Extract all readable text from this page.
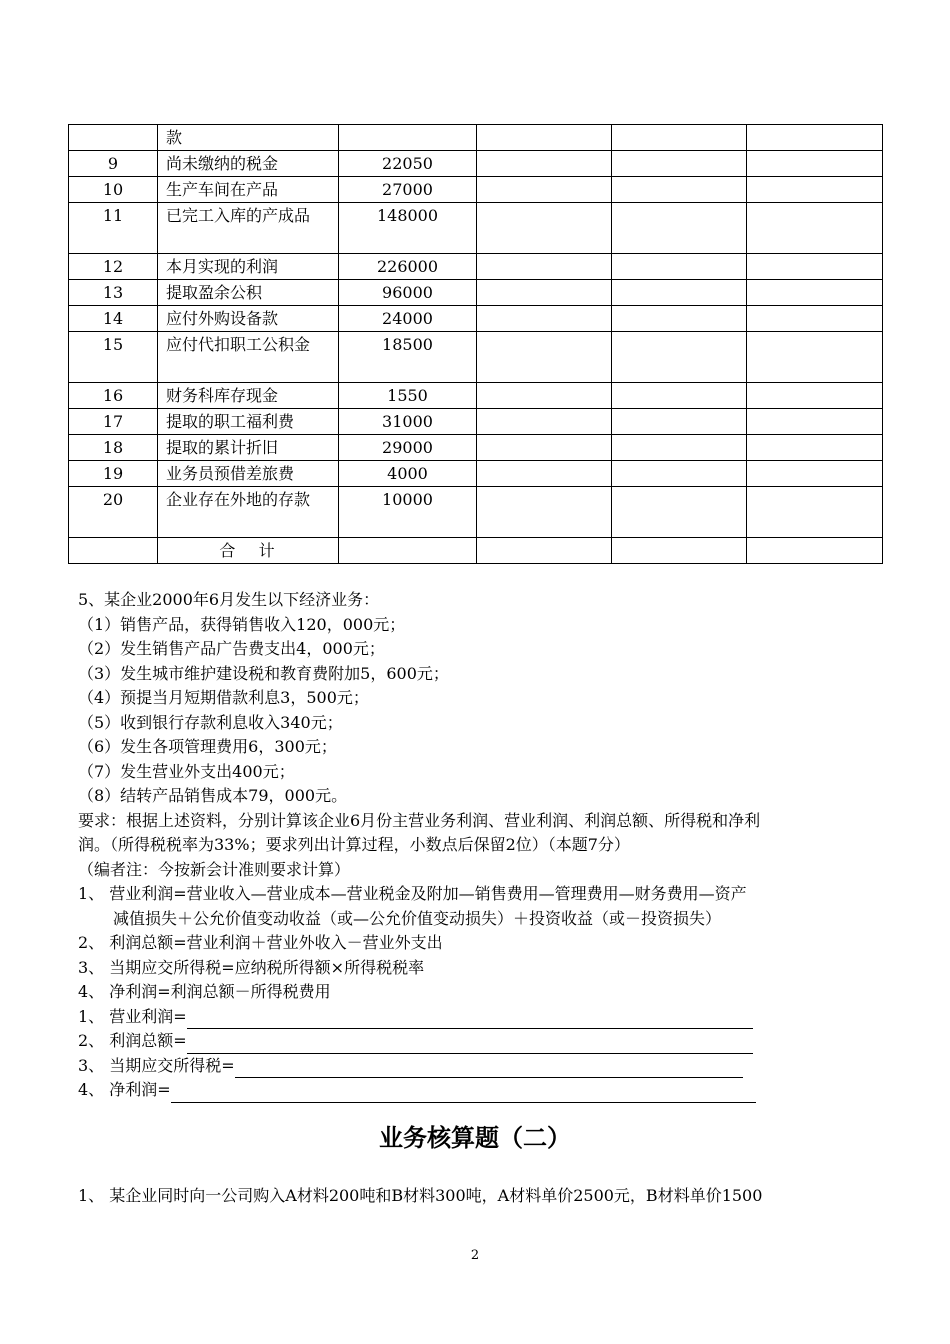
	款				
9	尚未缴纳的税金	22050			
10	生产车间在产品	27000			
11	已完工入库的产成品	148000			
12	本月实现的利润	226000			
13	提取盈余公积	96000			
14	应付外购设备款	24000			
15	应付代扣职工公积金	18500			
16	财务科库存现金	1550			
17	提取的职工福利费	31000			
18	提取的累计折旧	29000			
19	业务员预借差旅费	4000			
20	企业存在外地的存款	10000			
	合   计				
5、某企业2000年6月发生以下经济业务：
（1）销售产品，获得销售收入120，000元；
（2）发生销售产品广告费支出4，000元；
（3）发生城市维护建设税和教育费附加5，600元；
（4）预提当月短期借款利息3，500元；
（5）收到银行存款利息收入340元；
（6）发生各项管理费用6，300元；
（7）发生营业外支出400元；
（8）结转产品销售成本79，000元。
要求：根据上述资料，分别计算该企业6月份主营业务利润、营业利润、利润总额、所得税和净利
润。（所得税税率为33%；要求列出计算过程，小数点后保留2位）（本题7分）
（编者注：今按新会计准则要求计算）
1、 营业利润=营业收入—营业成本—营业税金及附加—销售费用—管理费用—财务费用—资产
减值损失＋公允价值变动收益（或—公允价值变动损失）＋投资收益（或－投资损失）
2、 利润总额=营业利润＋营业外收入－营业外支出
3、 当期应交所得税=应纳税所得额×所得税税率
4、 净利润=利润总额－所得税费用
1、 营业利润=
2、 利润总额=
3、 当期应交所得税=
4、 净利润=
业务核算题（二）
1、 某企业同时向一公司购入A材料200吨和B材料300吨，A材料单价2500元，B材料单价1500
2
